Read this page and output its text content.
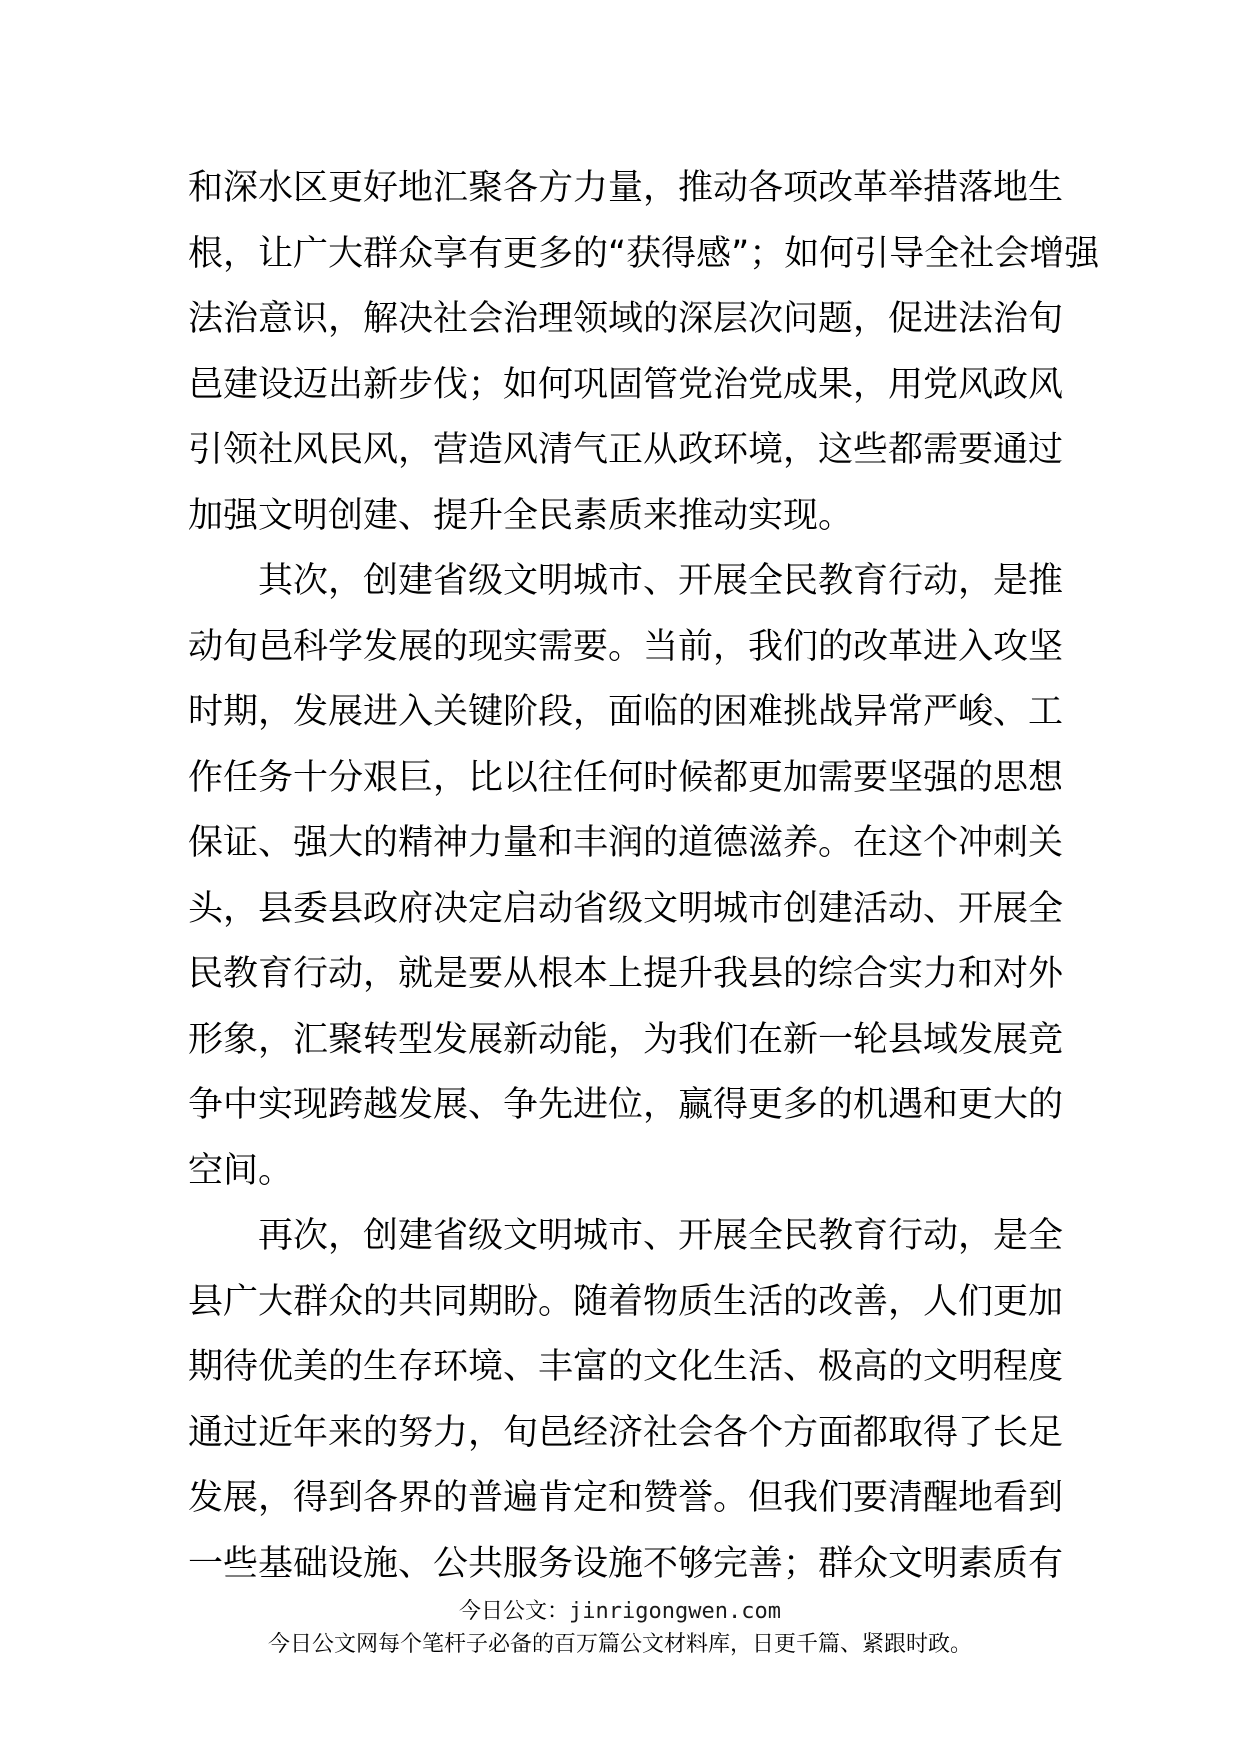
和深水区更好地汇聚各方力量，推动各项改革举措落地生
根，让广大群众享有更多的“获得感”；如何引导全社会增强
法治意识，解决社会治理领域的深层次问题，促进法治旬
邑建设迈出新步伐；如何巩固管党治党成果，用党风政风
引领社风民风，营造风清气正从政环境，这些都需要通过
加强文明创建、提升全民素质来推动实现。
　　其次，创建省级文明城市、开展全民教育行动，是推
动旬邑科学发展的现实需要。当前，我们的改革进入攻坚
时期，发展进入关键阶段，面临的困难挑战异常严峻、工
作任务十分艰巨，比以往任何时候都更加需要坚强的思想
保证、强大的精神力量和丰润的道德滋养。在这个冲刺关
头，县委县政府决定启动省级文明城市创建活动、开展全
民教育行动，就是要从根本上提升我县的综合实力和对外
形象，汇聚转型发展新动能，为我们在新一轮县域发展竞
争中实现跨越发展、争先进位，赢得更多的机遇和更大的
空间。
　　再次，创建省级文明城市、开展全民教育行动，是全
县广大群众的共同期盼。随着物质生活的改善，人们更加
期待优美的生存环境、丰富的文化生活、极高的文明程度
通过近年来的努力，旬邑经济社会各个方面都取得了长足
发展，得到各界的普遍肯定和赞誉。但我们要清醒地看到
一些基础设施、公共服务设施不够完善；群众文明素质有
今日公文：jinrigongwen.com
今日公文网每个笔杆子必备的百万篇公文材料库，日更千篇、紧跟时政。
